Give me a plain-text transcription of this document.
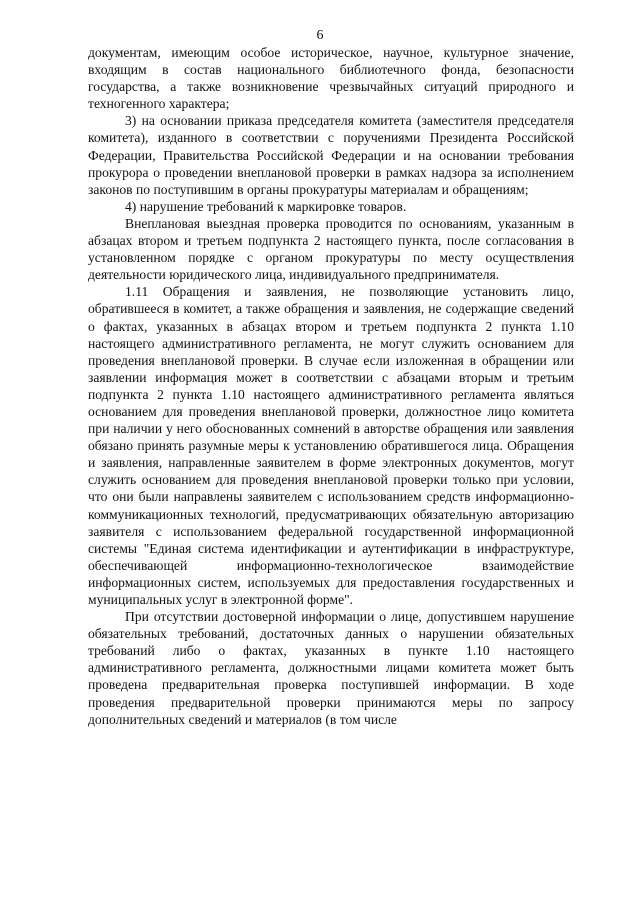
6

документам, имеющим особое историческое, научное, культурное значение, входящим в состав национального библиотечного фонда, безопасности государства, а также возникновение чрезвычайных ситуаций природного и техногенного характера;

3) на основании приказа председателя комитета (заместителя председателя комитета), изданного в соответствии с поручениями Президента Российской Федерации, Правительства Российской Федерации и на основании требования прокурора о проведении внеплановой проверки в рамках надзора за исполнением законов по поступившим в органы прокуратуры материалам и обращениям;

4) нарушение требований к маркировке товаров.

Внеплановая выездная проверка проводится по основаниям, указанным в абзацах втором и третьем подпункта 2 настоящего пункта, после согласования в установленном порядке с органом прокуратуры по месту осуществления деятельности юридического лица, индивидуального предпринимателя.

1.11 Обращения и заявления, не позволяющие установить лицо, обратившееся в комитет, а также обращения и заявления, не содержащие сведений о фактах, указанных в абзацах втором и третьем подпункта 2 пункта 1.10 настоящего административного регламента, не могут служить основанием для проведения внеплановой проверки. В случае если изложенная в обращении или заявлении информация может в соответствии с абзацами вторым и третьим подпункта 2 пункта 1.10 настоящего административного регламента являться основанием для проведения внеплановой проверки, должностное лицо комитета при наличии у него обоснованных сомнений в авторстве обращения или заявления обязано принять разумные меры к установлению обратившегося лица. Обращения и заявления, направленные заявителем в форме электронных документов, могут служить основанием для проведения внеплановой проверки только при условии, что они были направлены заявителем с использованием средств информационно-коммуникационных технологий, предусматривающих обязательную авторизацию заявителя с использованием федеральной государственной информационной системы "Единая система идентификации и аутентификации в инфраструктуре, обеспечивающей информационно-технологическое взаимодействие информационных систем, используемых для предоставления государственных и муниципальных услуг в электронной форме".

При отсутствии достоверной информации о лице, допустившем нарушение обязательных требований, достаточных данных о нарушении обязательных требований либо о фактах, указанных в пункте 1.10 настоящего административного регламента, должностными лицами комитета может быть проведена предварительная проверка поступившей информации. В ходе проведения предварительной проверки принимаются меры по запросу дополнительных сведений и материалов (в том числе
